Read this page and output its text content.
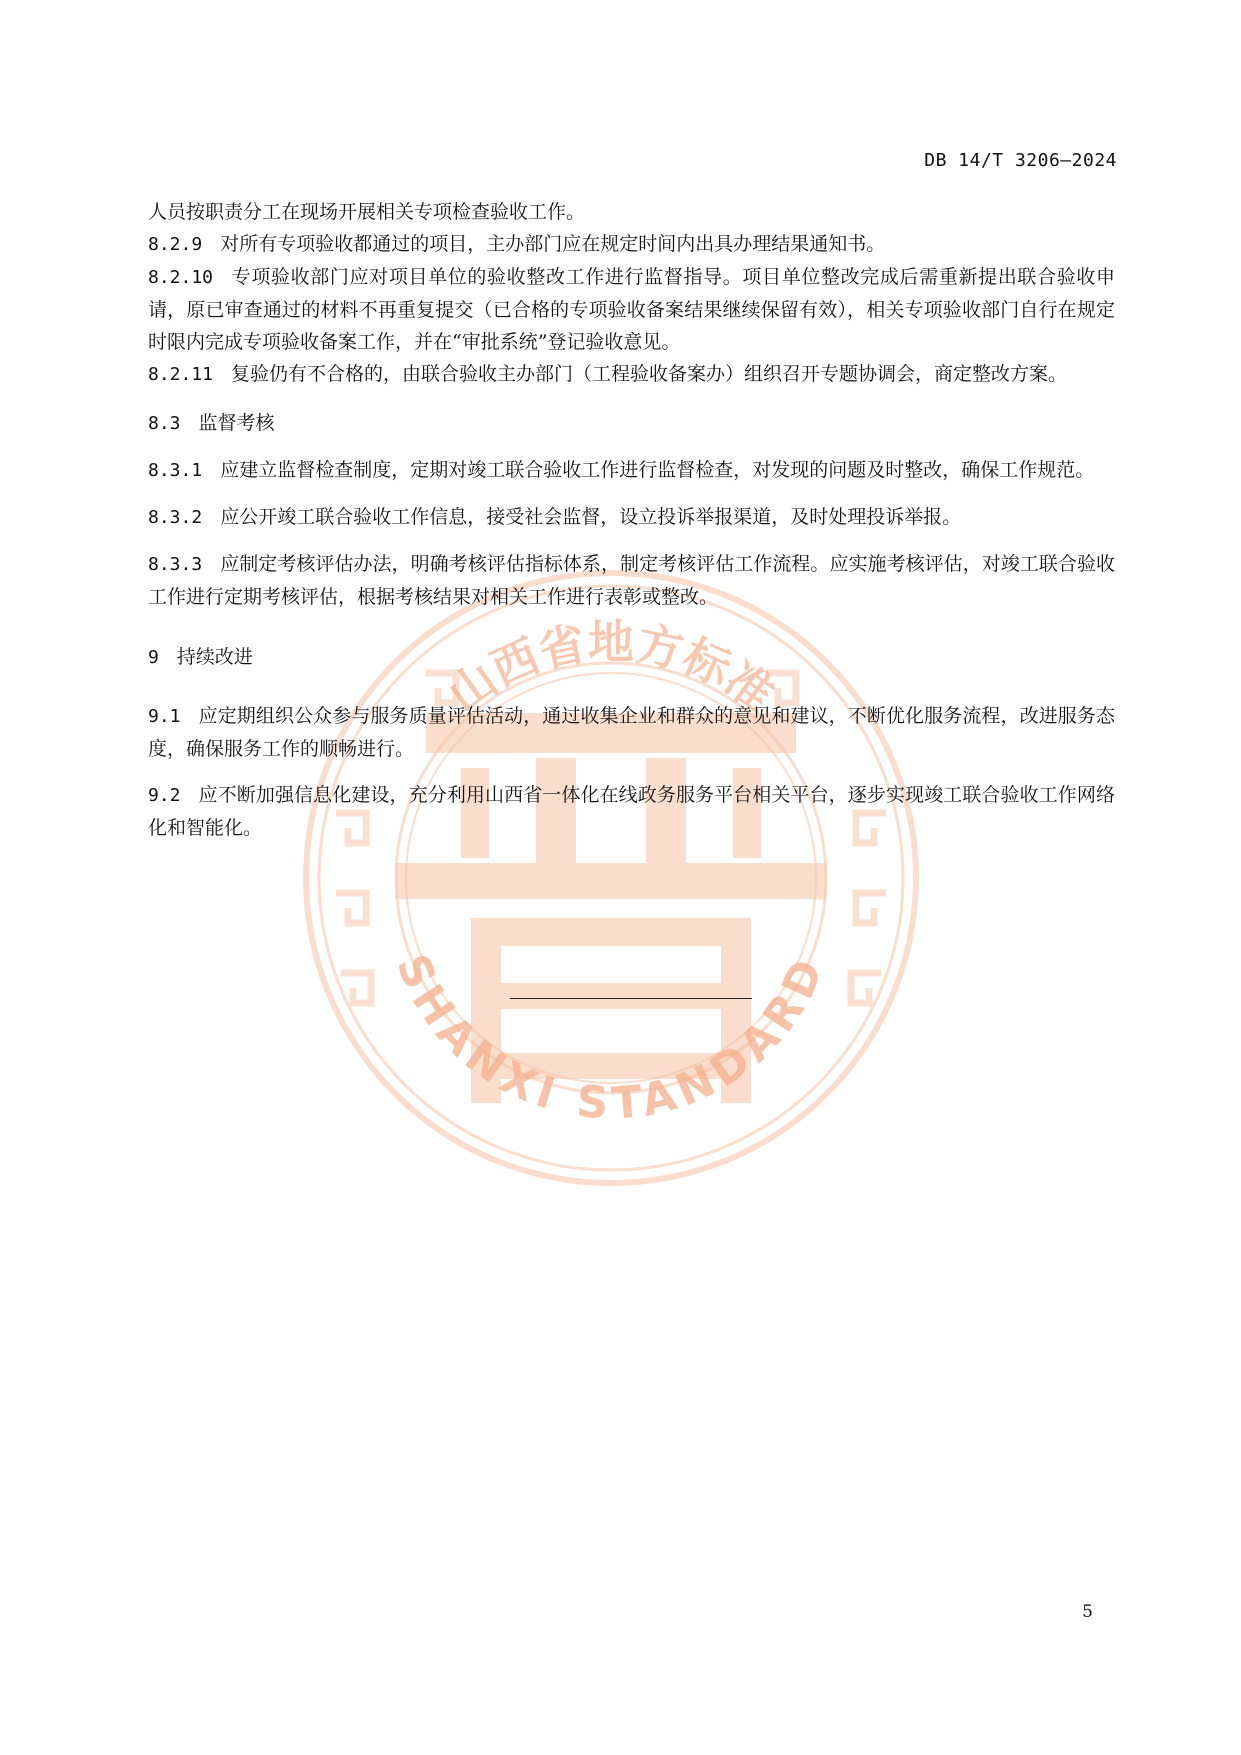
山西省地方标准
SHANXI STANDARD
DB 14/T 3206—2024

人员按职责分工在现场开展相关专项检查验收工作。

8.2.9 对所有专项验收都通过的项目，主办部门应在规定时间内出具办理结果通知书。

8.2.10 专项验收部门应对项目单位的验收整改工作进行监督指导。项目单位整改完成后需重新提出联合验收申请，原已审查通过的材料不再重复提交（已合格的专项验收备案结果继续保留有效），相关专项验收部门自行在规定时限内完成专项验收备案工作，并在“审批系统”登记验收意见。

8.2.11 复验仍有不合格的，由联合验收主办部门（工程验收备案办）组织召开专题协调会，商定整改方案。

8.3 监督考核

8.3.1 应建立监督检查制度，定期对竣工联合验收工作进行监督检查，对发现的问题及时整改，确保工作规范。

8.3.2 应公开竣工联合验收工作信息，接受社会监督，设立投诉举报渠道，及时处理投诉举报。

8.3.3 应制定考核评估办法，明确考核评估指标体系，制定考核评估工作流程。应实施考核评估，对竣工联合验收工作进行定期考核评估，根据考核结果对相关工作进行表彰或整改。

9 持续改进

9.1 应定期组织公众参与服务质量评估活动，通过收集企业和群众的意见和建议，不断优化服务流程，改进服务态度，确保服务工作的顺畅进行。

9.2 应不断加强信息化建设，充分利用山西省一体化在线政务服务平台相关平台，逐步实现竣工联合验收工作网络化和智能化。

5
